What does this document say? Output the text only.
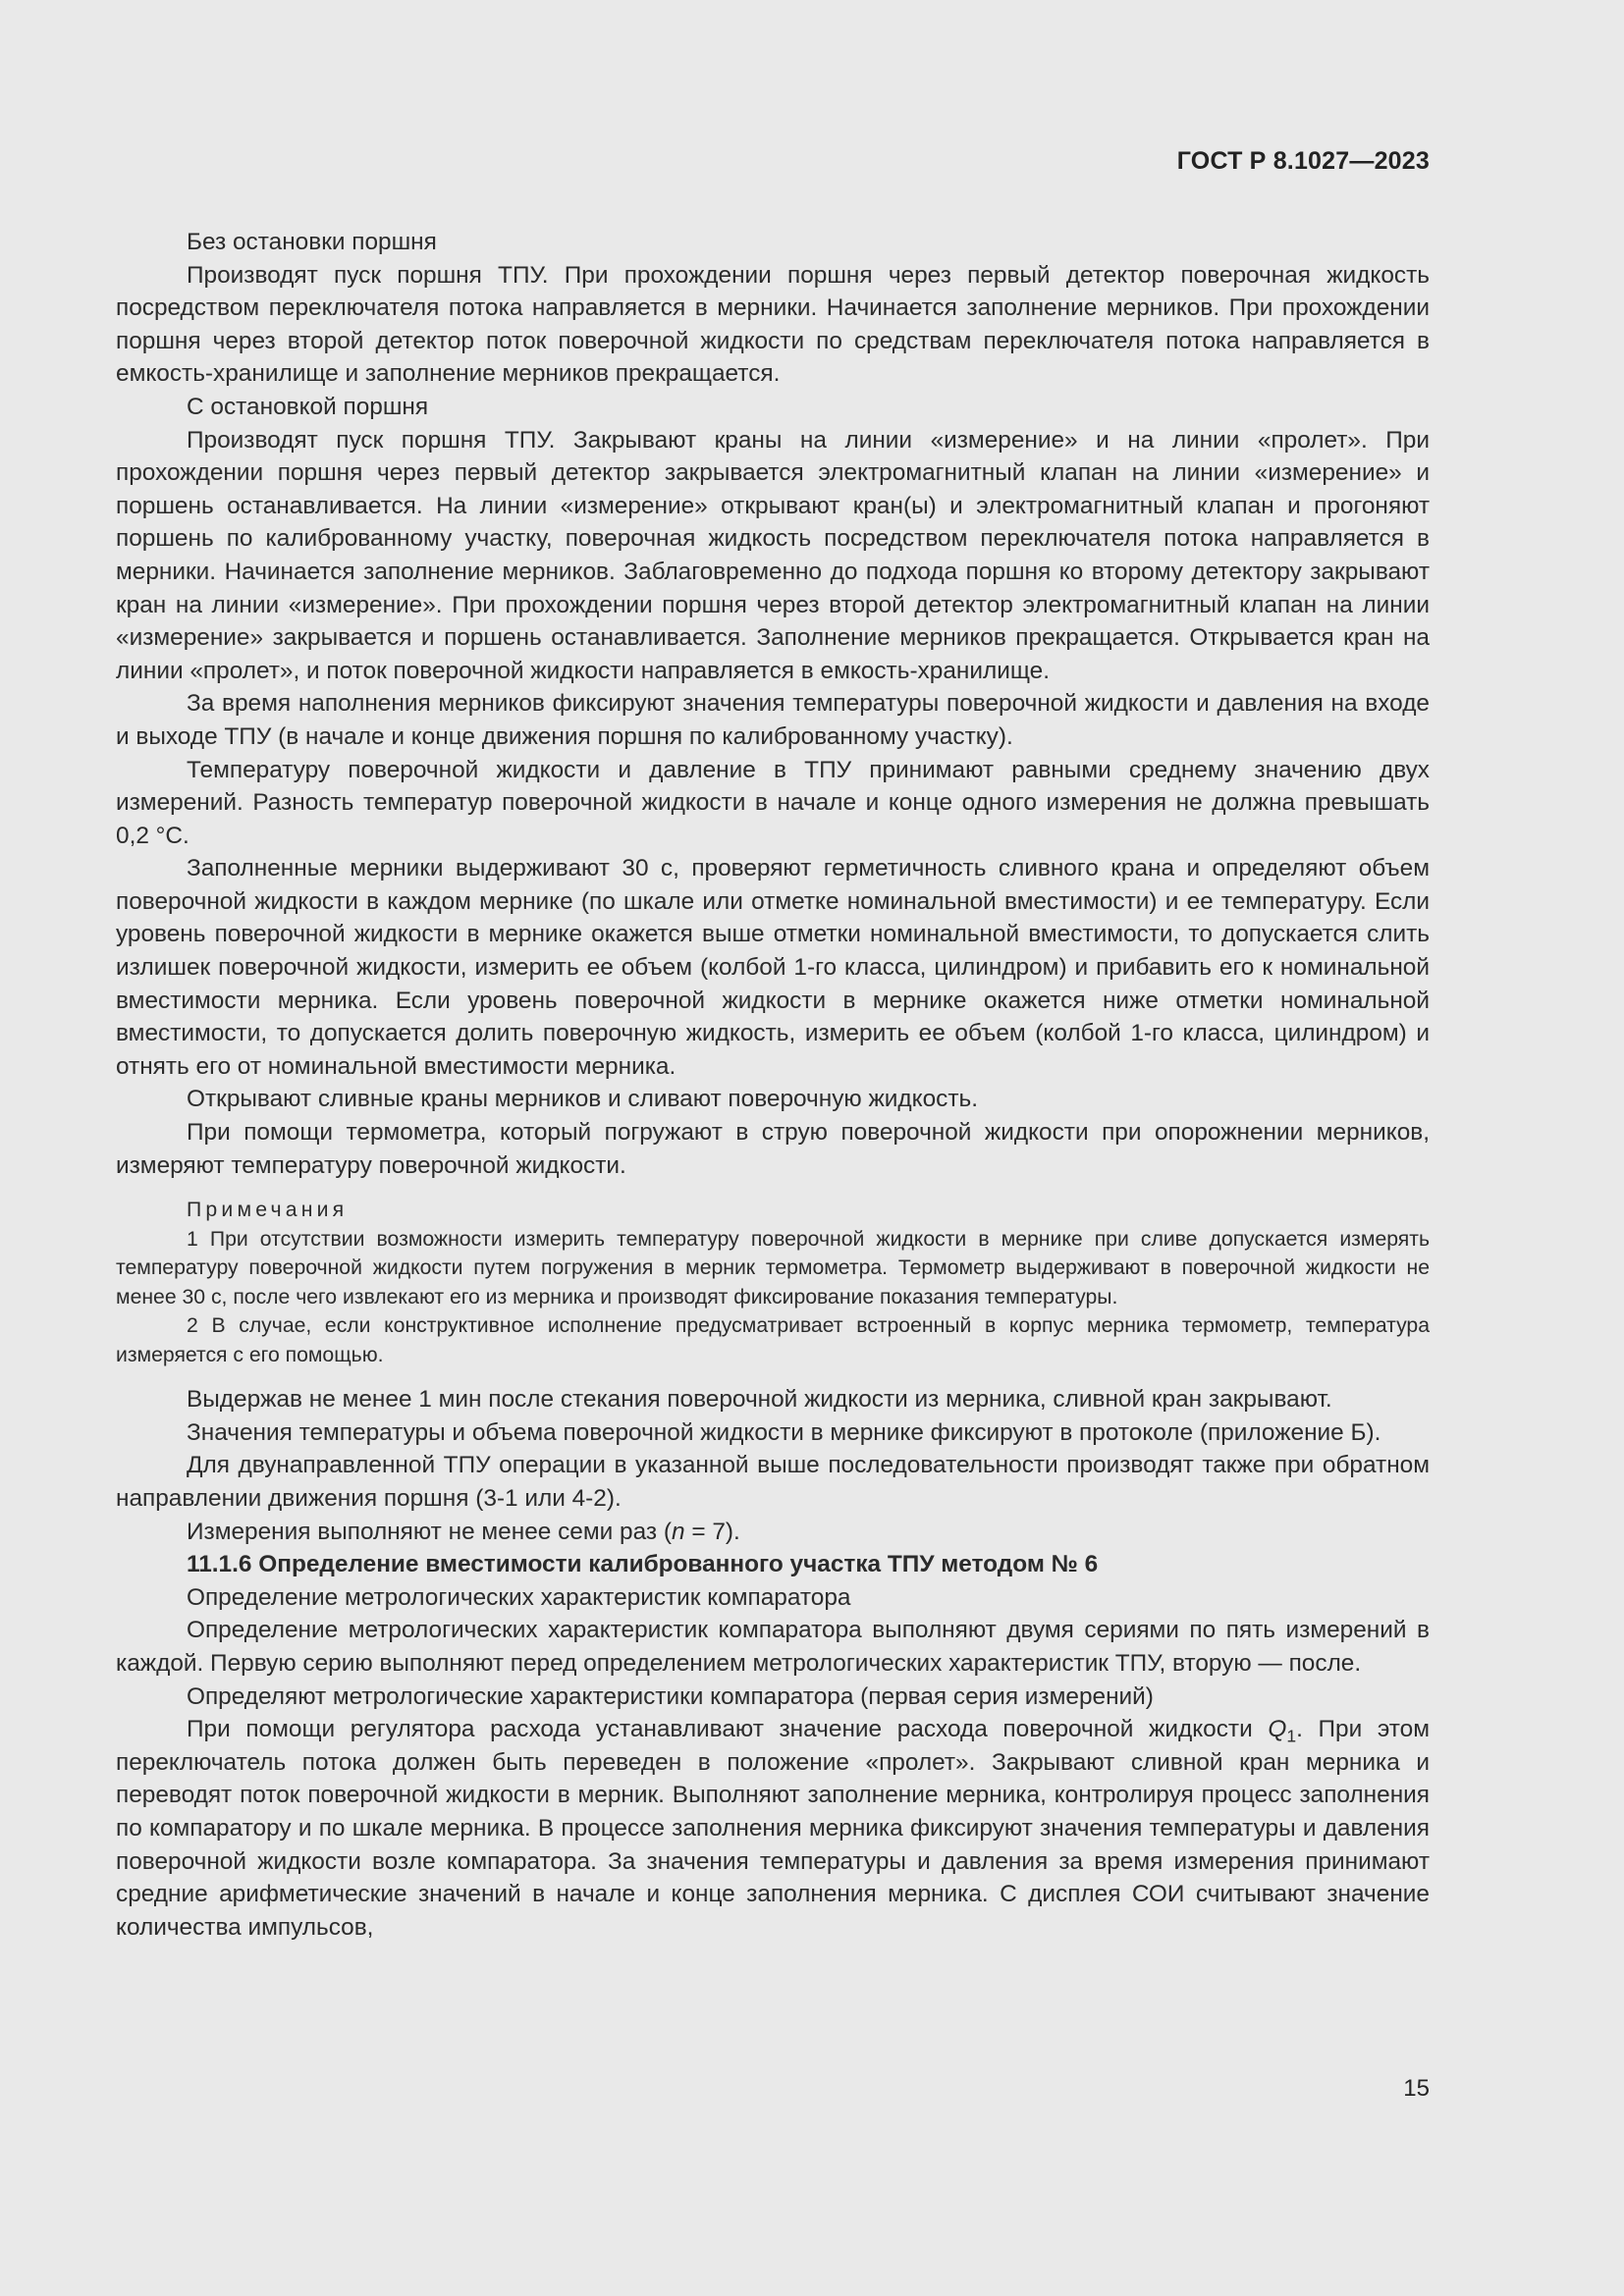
ГОСТ Р 8.1027—2023

Без остановки поршня

Производят пуск поршня ТПУ. При прохождении поршня через первый детектор поверочная жидкость посредством переключателя потока направляется в мерники. Начинается заполнение мерников. При прохождении поршня через второй детектор поток поверочной жидкости по средствам переключателя потока направляется в емкость-хранилище и заполнение мерников прекращается.

С остановкой поршня

Производят пуск поршня ТПУ. Закрывают краны на линии «измерение» и на линии «пролет». При прохождении поршня через первый детектор закрывается электромагнитный клапан на линии «измерение» и поршень останавливается. На линии «измерение» открывают кран(ы) и электромагнитный клапан и прогоняют поршень по калиброванному участку, поверочная жидкость посредством переключателя потока направляется в мерники. Начинается заполнение мерников. Заблаговременно до подхода поршня ко второму детектору закрывают кран на линии «измерение». При прохождении поршня через второй детектор электромагнитный клапан на линии «измерение» закрывается и поршень останавливается. Заполнение мерников прекращается. Открывается кран на линии «пролет», и поток поверочной жидкости направляется в емкость-хранилище.

За время наполнения мерников фиксируют значения температуры поверочной жидкости и давления на входе и выходе ТПУ (в начале и конце движения поршня по калиброванному участку).

Температуру поверочной жидкости и давление в ТПУ принимают равными среднему значению двух измерений. Разность температур поверочной жидкости в начале и конце одного измерения не должна превышать 0,2 °С.

Заполненные мерники выдерживают 30 с, проверяют герметичность сливного крана и определяют объем поверочной жидкости в каждом мернике (по шкале или отметке номинальной вместимости) и ее температуру. Если уровень поверочной жидкости в мернике окажется выше отметки номинальной вместимости, то допускается слить излишек поверочной жидкости, измерить ее объем (колбой 1-го класса, цилиндром) и прибавить его к номинальной вместимости мерника. Если уровень поверочной жидкости в мернике окажется ниже отметки номинальной вместимости, то допускается долить поверочную жидкость, измерить ее объем (колбой 1-го класса, цилиндром) и отнять его от номинальной вместимости мерника.

Открывают сливные краны мерников и сливают поверочную жидкость.

При помощи термометра, который погружают в струю поверочной жидкости при опорожнении мерников, измеряют температуру поверочной жидкости.

Примечания

1 При отсутствии возможности измерить температуру поверочной жидкости в мернике при сливе допускается измерять температуру поверочной жидкости путем погружения в мерник термометра. Термометр выдерживают в поверочной жидкости не менее 30 с, после чего извлекают его из мерника и производят фиксирование показания температуры.

2 В случае, если конструктивное исполнение предусматривает встроенный в корпус мерника термометр, температура измеряется с его помощью.

Выдержав не менее 1 мин после стекания поверочной жидкости из мерника, сливной кран закрывают.

Значения температуры и объема поверочной жидкости в мернике фиксируют в протоколе (приложение Б).

Для двунаправленной ТПУ операции в указанной выше последовательности производят также при обратном направлении движения поршня (3-1 или 4-2).

Измерения выполняют не менее семи раз (n = 7).

11.1.6 Определение вместимости калиброванного участка ТПУ методом № 6

Определение метрологических характеристик компаратора

Определение метрологических характеристик компаратора выполняют двумя сериями по пять измерений в каждой. Первую серию выполняют перед определением метрологических характеристик ТПУ, вторую — после.

Определяют метрологические характеристики компаратора (первая серия измерений)

При помощи регулятора расхода устанавливают значение расхода поверочной жидкости $Q_1$. При этом переключатель потока должен быть переведен в положение «пролет». Закрывают сливной кран мерника и переводят поток поверочной жидкости в мерник. Выполняют заполнение мерника, контролируя процесс заполнения по компаратору и по шкале мерника. В процессе заполнения мерника фиксируют значения температуры и давления поверочной жидкости возле компаратора. За значения температуры и давления за время измерения принимают средние арифметические значений в начале и конце заполнения мерника. С дисплея СОИ считывают значение количества импульсов,

15
